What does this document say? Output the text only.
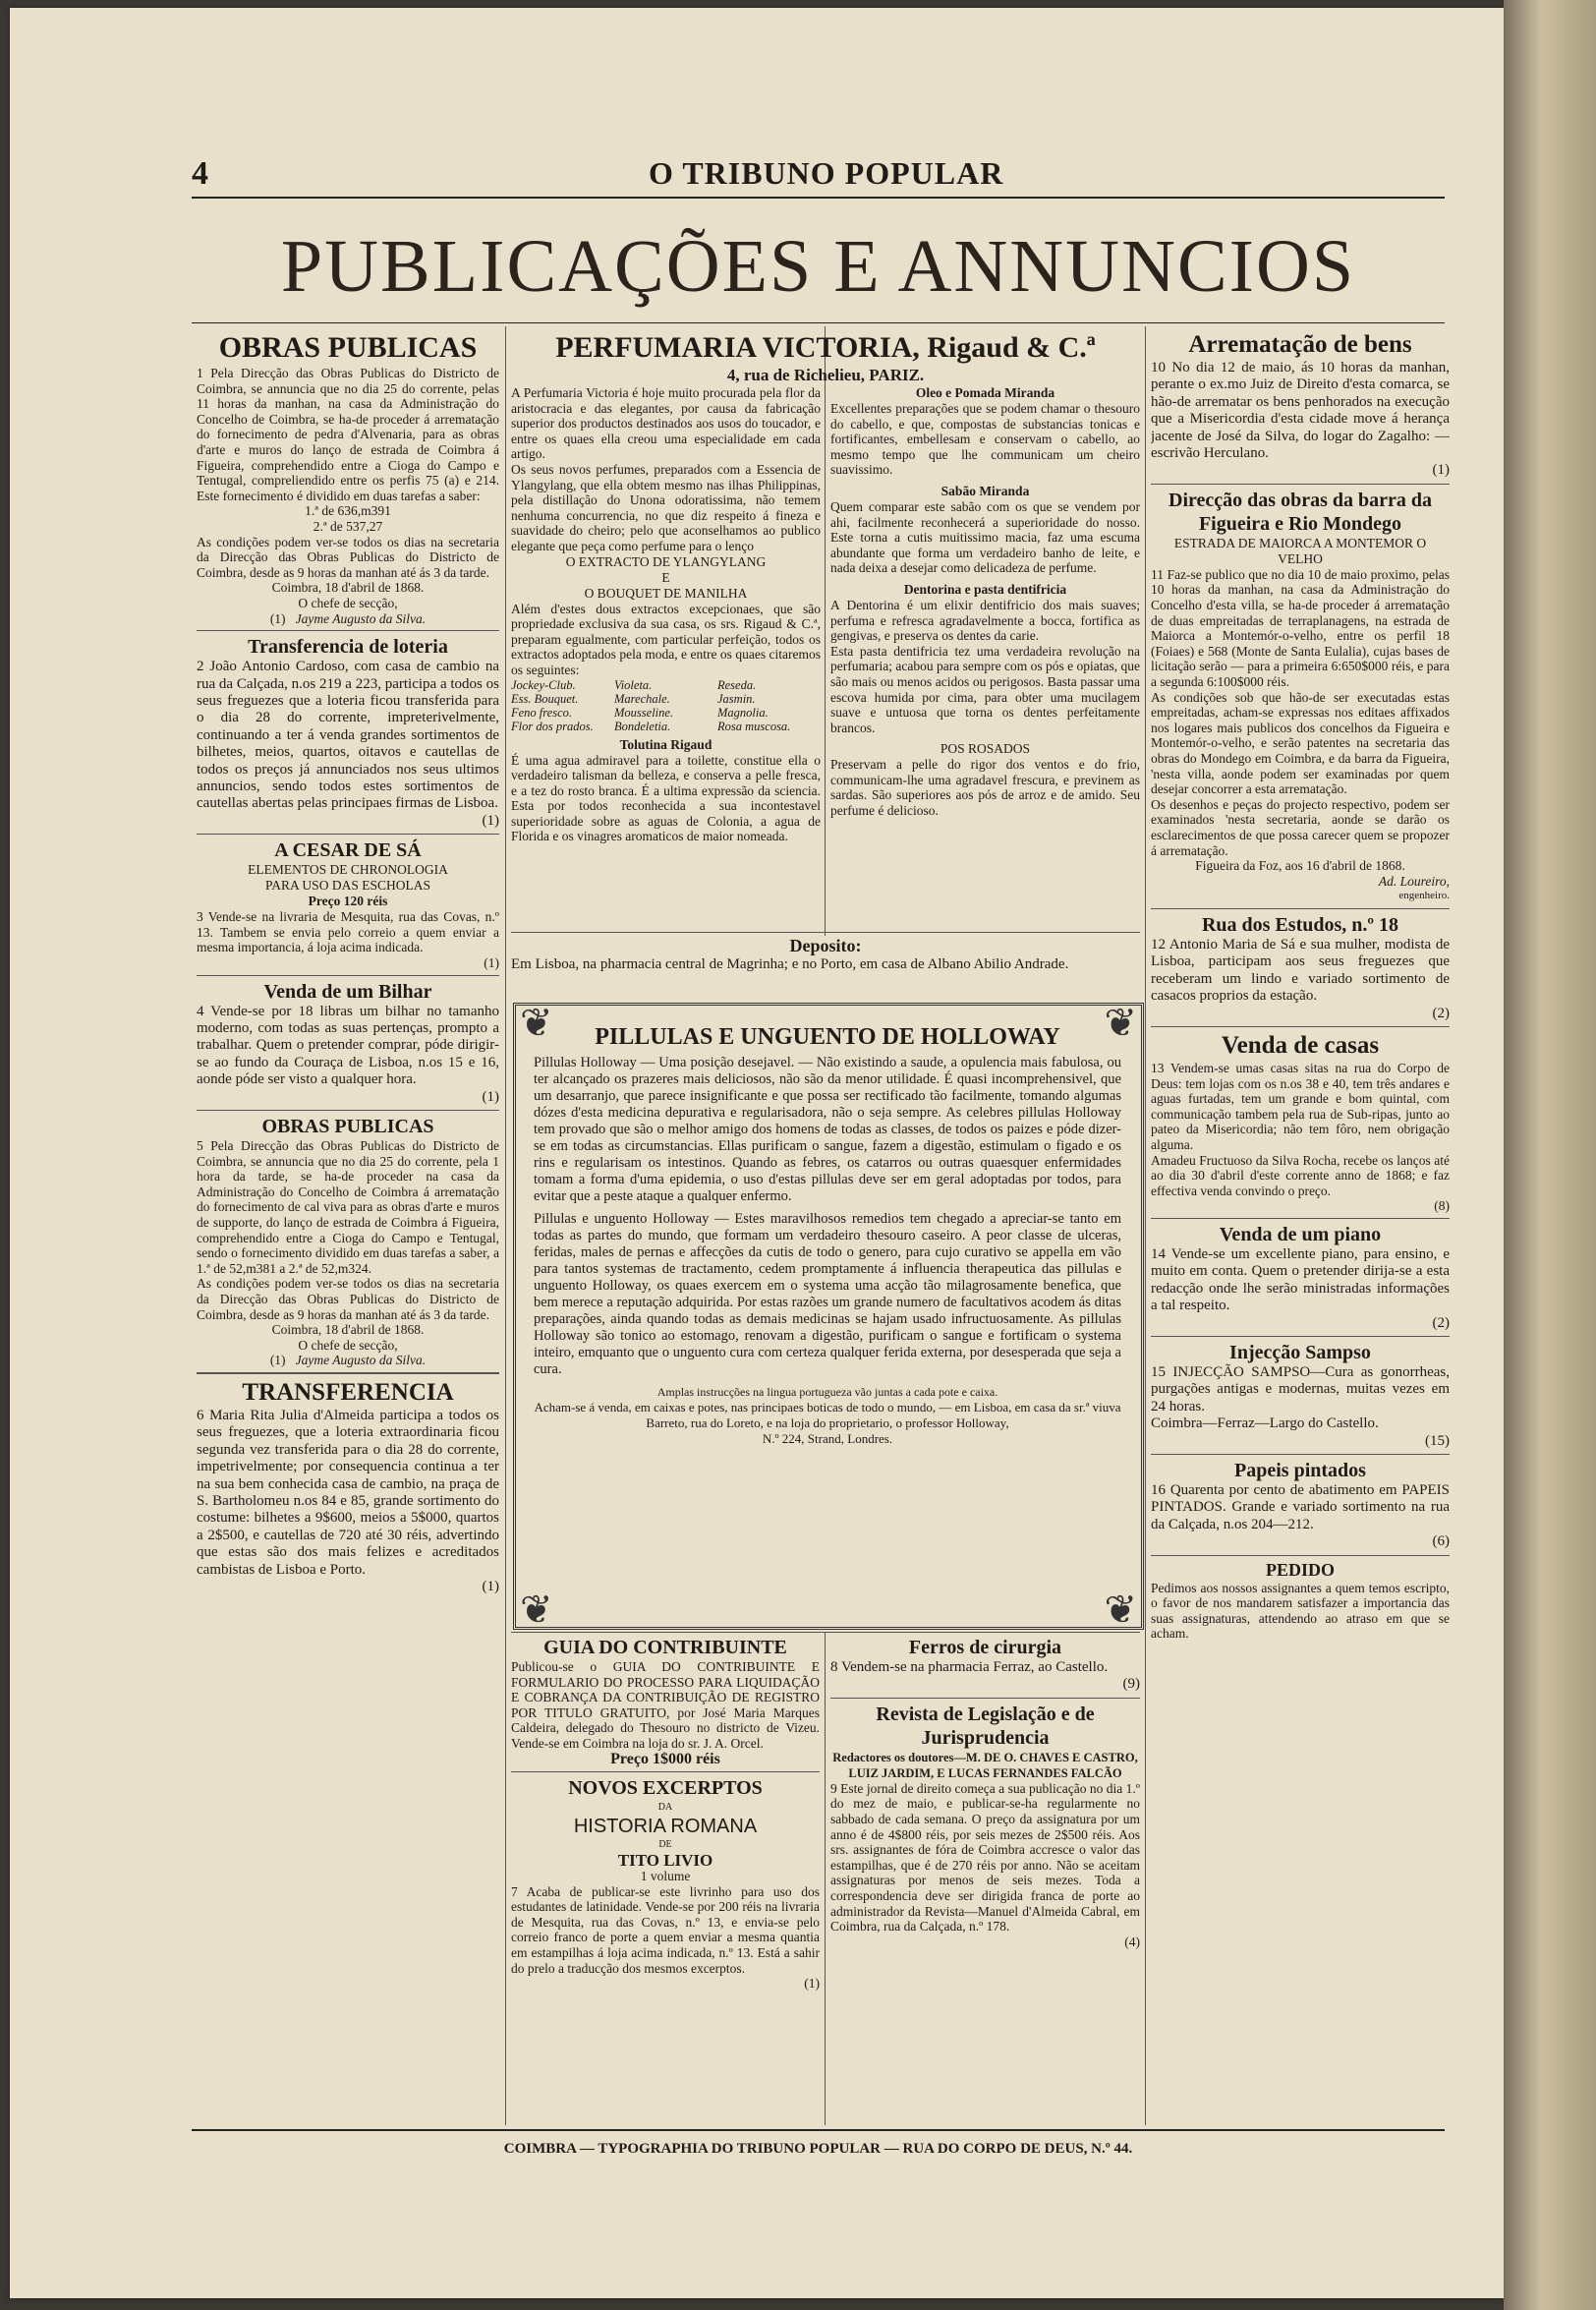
4	O TRIBUNO POPULAR
PUBLICAÇÕES E ANNUNCIOS

OBRAS PUBLICAS

1 Pela Direcção das Obras Publicas do Districto de Coimbra, se annuncia que no dia 25 do corrente, pelas 11 horas da manhan, na casa da Administração do Concelho de Coimbra, se ha-de proceder á arrematação do fornecimento de pedra d'Alvenaria, para as obras d'arte e muros do lanço de estrada de Coimbra á Figueira, comprehendido entre a Cioga do Campo e Tentugal, compreliendido entre os perfis 75 (a) e 214. Este fornecimento é dividido em duas tarefas a saber:

1.ª de 636,m391

2.ª de 537,27

As condições podem ver-se todos os dias na secretaria da Direcção das Obras Publicas do Districto de Coimbra, desde as 9 horas da manhan até ás 3 da tarde.

Coimbra, 18 d'abril de 1868.

O chefe de secção,

(1) Jayme Augusto da Silva.

Transferencia de loteria

2 João Antonio Cardoso, com casa de cambio na rua da Calçada, n.os 219 a 223, participa a todos os seus freguezes que a loteria ficou transferida para o dia 28 do corrente, impreterivelmente, continuando a ter á venda grandes sortimentos de bilhetes, meios, quartos, oitavos e cautellas de todos os preços já annunciados nos seus ultimos annuncios, sendo todos estes sortimentos de cautellas abertas pelas principaes firmas de Lisboa.

(1)

A CESAR DE SÁ

ELEMENTOS DE CHRONOLOGIA

PARA USO DAS ESCHOLAS

Preço 120 réis

3 Vende-se na livraria de Mesquita, rua das Covas, n.º 13. Tambem se envia pelo correio a quem enviar a mesma importancia, á loja acima indicada.

(1)

Venda de um Bilhar

4 Vende-se por 18 libras um bilhar no tamanho moderno, com todas as suas pertenças, prompto a trabalhar. Quem o pretender comprar, póde dirigir-se ao fundo da Couraça de Lisboa, n.os 15 e 16, aonde póde ser visto a qualquer hora.

(1)

OBRAS PUBLICAS

5 Pela Direcção das Obras Publicas do Districto de Coimbra, se annuncia que no dia 25 do corrente, pela 1 hora da tarde, se ha-de proceder na casa da Administração do Concelho de Coimbra á arrematação do fornecimento de cal viva para as obras d'arte e muros de supporte, do lanço de estrada de Coimbra á Figueira, comprehendido entre a Cioga do Campo e Tentugal, sendo o fornecimento dividido em duas tarefas a saber, a 1.ª de 52,m381 a 2.ª de 52,m324.

As condições podem ver-se todos os dias na secretaria da Direcção das Obras Publicas do Districto de Coimbra, desde as 9 horas da manhan até ás 3 da tarde.

Coimbra, 18 d'abril de 1868.

O chefe de secção,

(1) Jayme Augusto da Silva.

TRANSFERENCIA

6 Maria Rita Julia d'Almeida participa a todos os seus freguezes, que a loteria extraordinaria ficou segunda vez transferida para o dia 28 do corrente, impetrivelmente; por consequencia continua a ter na sua bem conhecida casa de cambio, na praça de S. Bartholomeu n.os 84 e 85, grande sortimento do costume: bilhetes a 9$600, meios a 5$000, quartos a 2$500, e cautellas de 720 até 30 réis, advertindo que estas são dos mais felizes e acreditados cambistas de Lisboa e Porto.

(1)

PERFUMARIA VICTORIA, Rigaud & C.ª

4, rua de Richelieu, PARIZ.

A Perfumaria Victoria é hoje muito procurada pela flor da aristocracia e das elegantes, por causa da fabricação superior dos productos destinados aos usos do toucador, e entre os quaes ella creou uma especialidade em cada artigo.

Os seus novos perfumes, preparados com a Essencia de Ylangylang, que ella obtem mesmo nas ilhas Philippinas, pela distillação do Unona odoratissima, não temem nenhuma concurrencia, no que diz respeito á fineza e suavidade do cheiro; pelo que aconselhamos ao publico elegante que peça como perfume para o lenço

O EXTRACTO DE YLANGYLANG

E

O BOUQUET DE MANILHA

Além d'estes dous extractos excepcionaes, que são propriedade exclusiva da sua casa, os srs. Rigaud & C.ª, preparam egualmente, com particular perfeição, todos os extractos adoptados pela moda, e entre os quaes citaremos os seguintes:

Jockey-Club.	Violeta.	Reseda.
Ess. Bouquet.	Marechale.	Jasmin.
Feno fresco.	Mousseline.	Magnolia.
Flor dos prados.	Bondeletia.	Rosa muscosa.

Tolutina Rigaud

É uma agua admiravel para a toilette, constitue ella o verdadeiro talisman da belleza, e conserva a pelle fresca, e a tez do rosto branca. É a ultima expressão da sciencia. Esta por todos reconhecida a sua incontestavel superioridade sobre as aguas de Colonia, a agua de Florida e os vinagres aromaticos de maior nomeada.

Oleo e Pomada Miranda

Excellentes preparações que se podem chamar o thesouro do cabello, e que, compostas de substancias tonicas e fortificantes, embellesam e conservam o cabello, ao mesmo tempo que lhe communicam um cheiro suavissimo.

Sabão Miranda

Quem comparar este sabão com os que se vendem por ahi, facilmente reconhecerá a superioridade do nosso. Este torna a cutis muitissimo macia, faz uma escuma abundante que forma um verdadeiro banho de leite, e nada deixa a desejar como delicadeza de perfume.

Dentorina e pasta dentifricia

A Dentorina é um elixir dentifricio dos mais suaves; perfuma e refresca agradavelmente a bocca, fortifica as gengivas, e preserva os dentes da carie.

Esta pasta dentifricia tez uma verdadeira revolução na perfumaria; acabou para sempre com os pós e opiatas, que são mais ou menos acidos ou perigosos. Basta passar uma escova humida por cima, para obter uma mucilagem suave e untuosa que torna os dentes perfeitamente brancos.

POS ROSADOS

Preservam a pelle do rigor dos ventos e do frio, communicam-lhe uma agradavel frescura, e previnem as sardas. São superiores aos pós de arroz e de amido. Seu perfume é delicioso.

Deposito:

Em Lisboa, na pharmacia central de Magrinha; e no Porto, em casa de Albano Abilio Andrade.

❦	❦
❦	❦

PILLULAS E UNGUENTO DE HOLLOWAY

Pillulas Holloway — Uma posição desejavel. — Não existindo a saude, a opulencia mais fabulosa, ou ter alcançado os prazeres mais deliciosos, não são da menor utilidade. É quasi incomprehensivel, que um desarranjo, que parece insignificante e que possa ser rectificado tão facilmente, tomando algumas dózes d'esta medicina depurativa e regularisadora, não o seja sempre. As celebres pillulas Holloway tem provado que são o melhor amigo dos homens de todas as classes, de todos os paizes e póde dizer-se em todas as circumstancias. Ellas purificam o sangue, fazem a digestão, estimulam o figado e os rins e regularisam os intestinos. Quando as febres, os catarros ou outras quaesquer enfermidades tomam a forma d'uma epidemia, o uso d'estas pillulas deve ser em geral adoptadas por todos, para evitar que a peste ataque a qualquer enfermo.

Pillulas e unguento Holloway — Estes maravilhosos remedios tem chegado a apreciar-se tanto em todas as partes do mundo, que formam um verdadeiro thesouro caseiro. A peor classe de ulceras, feridas, males de pernas e affecções da cutis de todo o genero, para cujo curativo se appella em vão para tantos systemas de tractamento, cedem promptamente á influencia therapeutica das pillulas e unguento Holloway, os quaes exercem em o systema uma acção tão milagrosamente benefica, que bem merece a reputação adquirida. Por estas razões um grande numero de facultativos acodem ás ditas preparações, ainda quando todas as demais medicinas se hajam usado infructuosamente. As pillulas Holloway são tonico ao estomago, renovam a digestão, purificam o sangue e fortificam o systema inteiro, emquanto que o unguento cura com certeza qualquer ferida externa, por desesperada que seja a cura.

Amplas instrucções na lingua portugueza vão juntas a cada pote e caixa.

Acham-se á venda, em caixas e potes, nas principaes boticas de todo o mundo, — em Lisboa, em casa da sr.ª viuva Barreto, rua do Loreto, e na loja do proprietario, o professor Holloway,

N.º 224, Strand, Londres.

GUIA DO CONTRIBUINTE

Publicou-se o GUIA DO CONTRIBUINTE E FORMULARIO DO PROCESSO PARA LIQUIDAÇÃO E COBRANÇA DA CONTRIBUIÇÃO DE REGISTRO POR TITULO GRATUITO, por José Maria Marques Caldeira, delegado do Thesouro no districto de Vizeu. Vende-se em Coimbra na loja do sr. J. A. Orcel.

Preço 1$000 réis

NOVOS EXCERPTOS

DA

HISTORIA ROMANA

DE

TITO LIVIO

1 volume

7 Acaba de publicar-se este livrinho para uso dos estudantes de latinidade. Vende-se por 200 réis na livraria de Mesquita, rua das Covas, n.º 13, e envia-se pelo correio franco de porte a quem enviar a mesma quantia em estampilhas á loja acima indicada, n.º 13. Está a sahir do prelo a traducção dos mesmos excerptos.

(1)

Ferros de cirurgia

8 Vendem-se na pharmacia Ferraz, ao Castello.

(9)

Revista de Legislação e de Jurisprudencia

Redactores os doutores—M. DE O. CHAVES E CASTRO, LUIZ JARDIM, E LUCAS FERNANDES FALCÃO

9 Este jornal de direito começa a sua publicação no dia 1.º do mez de maio, e publicar-se-ha regularmente no sabbado de cada semana. O preço da assignatura por um anno é de 4$800 réis, por seis mezes de 2$500 réis. Aos srs. assignantes de fóra de Coimbra accresce o valor das estampilhas, que é de 270 réis por anno. Não se aceitam assignaturas por menos de seis mezes. Toda a correspondencia deve ser dirigida franca de porte ao administrador da Revista—Manuel d'Almeida Cabral, em Coimbra, rua da Calçada, n.º 178.

(4)

Arrematação de bens

10 No dia 12 de maio, ás 10 horas da manhan, perante o ex.mo Juiz de Direito d'esta comarca, se hão-de arrematar os bens penhorados na execução que a Misericordia d'esta cidade move á herança jacente de José da Silva, do logar do Zagalho: — escrivão Herculano.

(1)

Direcção das obras da barra da Figueira e Rio Mondego

ESTRADA DE MAIORCA A MONTEMOR O VELHO

11 Faz-se publico que no dia 10 de maio proximo, pelas 10 horas da manhan, na casa da Administração do Concelho d'esta villa, se ha-de proceder á arrematação de duas empreitadas de terraplanagens, na estrada de Maiorca a Montemór-o-velho, entre os perfil 18 (Foiaes) e 568 (Monte de Santa Eulalia), cujas bases de licitação serão — para a primeira 6:650$000 réis, e para a segunda 6:100$000 réis.

As condições sob que hão-de ser executadas estas empreitadas, acham-se expressas nos editaes affixados nos logares mais publicos dos concelhos da Figueira e Montemór-o-velho, e serão patentes na secretaria das obras do Mondego em Coimbra, e da barra da Figueira, 'nesta villa, aonde podem ser examinadas por quem desejar concorrer a esta arrematação.

Os desenhos e peças do projecto respectivo, podem ser examinados 'nesta secretaria, aonde se darão os esclarecimentos de que possa carecer quem se propozer á arrematação.

Figueira da Foz, aos 16 d'abril de 1868.

Ad. Loureiro,

engenheiro.

Rua dos Estudos, n.º 18

12 Antonio Maria de Sá e sua mulher, modista de Lisboa, participam aos seus freguezes que receberam um lindo e variado sortimento de casacos proprios da estação.

(2)

Venda de casas

13 Vendem-se umas casas sitas na rua do Corpo de Deus: tem lojas com os n.os 38 e 40, tem três andares e aguas furtadas, tem um grande e bom quintal, com communicação tambem pela rua de Sub-ripas, junto ao pateo da Misericordia; não tem fôro, nem obrigação alguma.

Amadeu Fructuoso da Silva Rocha, recebe os lanços até ao dia 30 d'abril d'este corrente anno de 1868; e faz effectiva venda convindo o preço.

(8)

Venda de um piano

14 Vende-se um excellente piano, para ensino, e muito em conta. Quem o pretender dirija-se a esta redacção onde lhe serão ministradas informações a tal respeito.

(2)

Injecção Sampso

15 INJECÇÃO SAMPSO—Cura as gonorrheas, purgações antigas e modernas, muitas vezes em 24 horas.

Coimbra—Ferraz—Largo do Castello.

(15)

Papeis pintados

16 Quarenta por cento de abatimento em PAPEIS PINTADOS. Grande e variado sortimento na rua da Calçada, n.os 204—212.

(6)

PEDIDO

Pedimos aos nossos assignantes a quem temos escripto, o favor de nos mandarem satisfazer a importancia das suas assignaturas, attendendo ao atraso em que se acham.

COIMBRA — TYPOGRAPHIA DO TRIBUNO POPULAR — RUA DO CORPO DE DEUS, N.º 44.
